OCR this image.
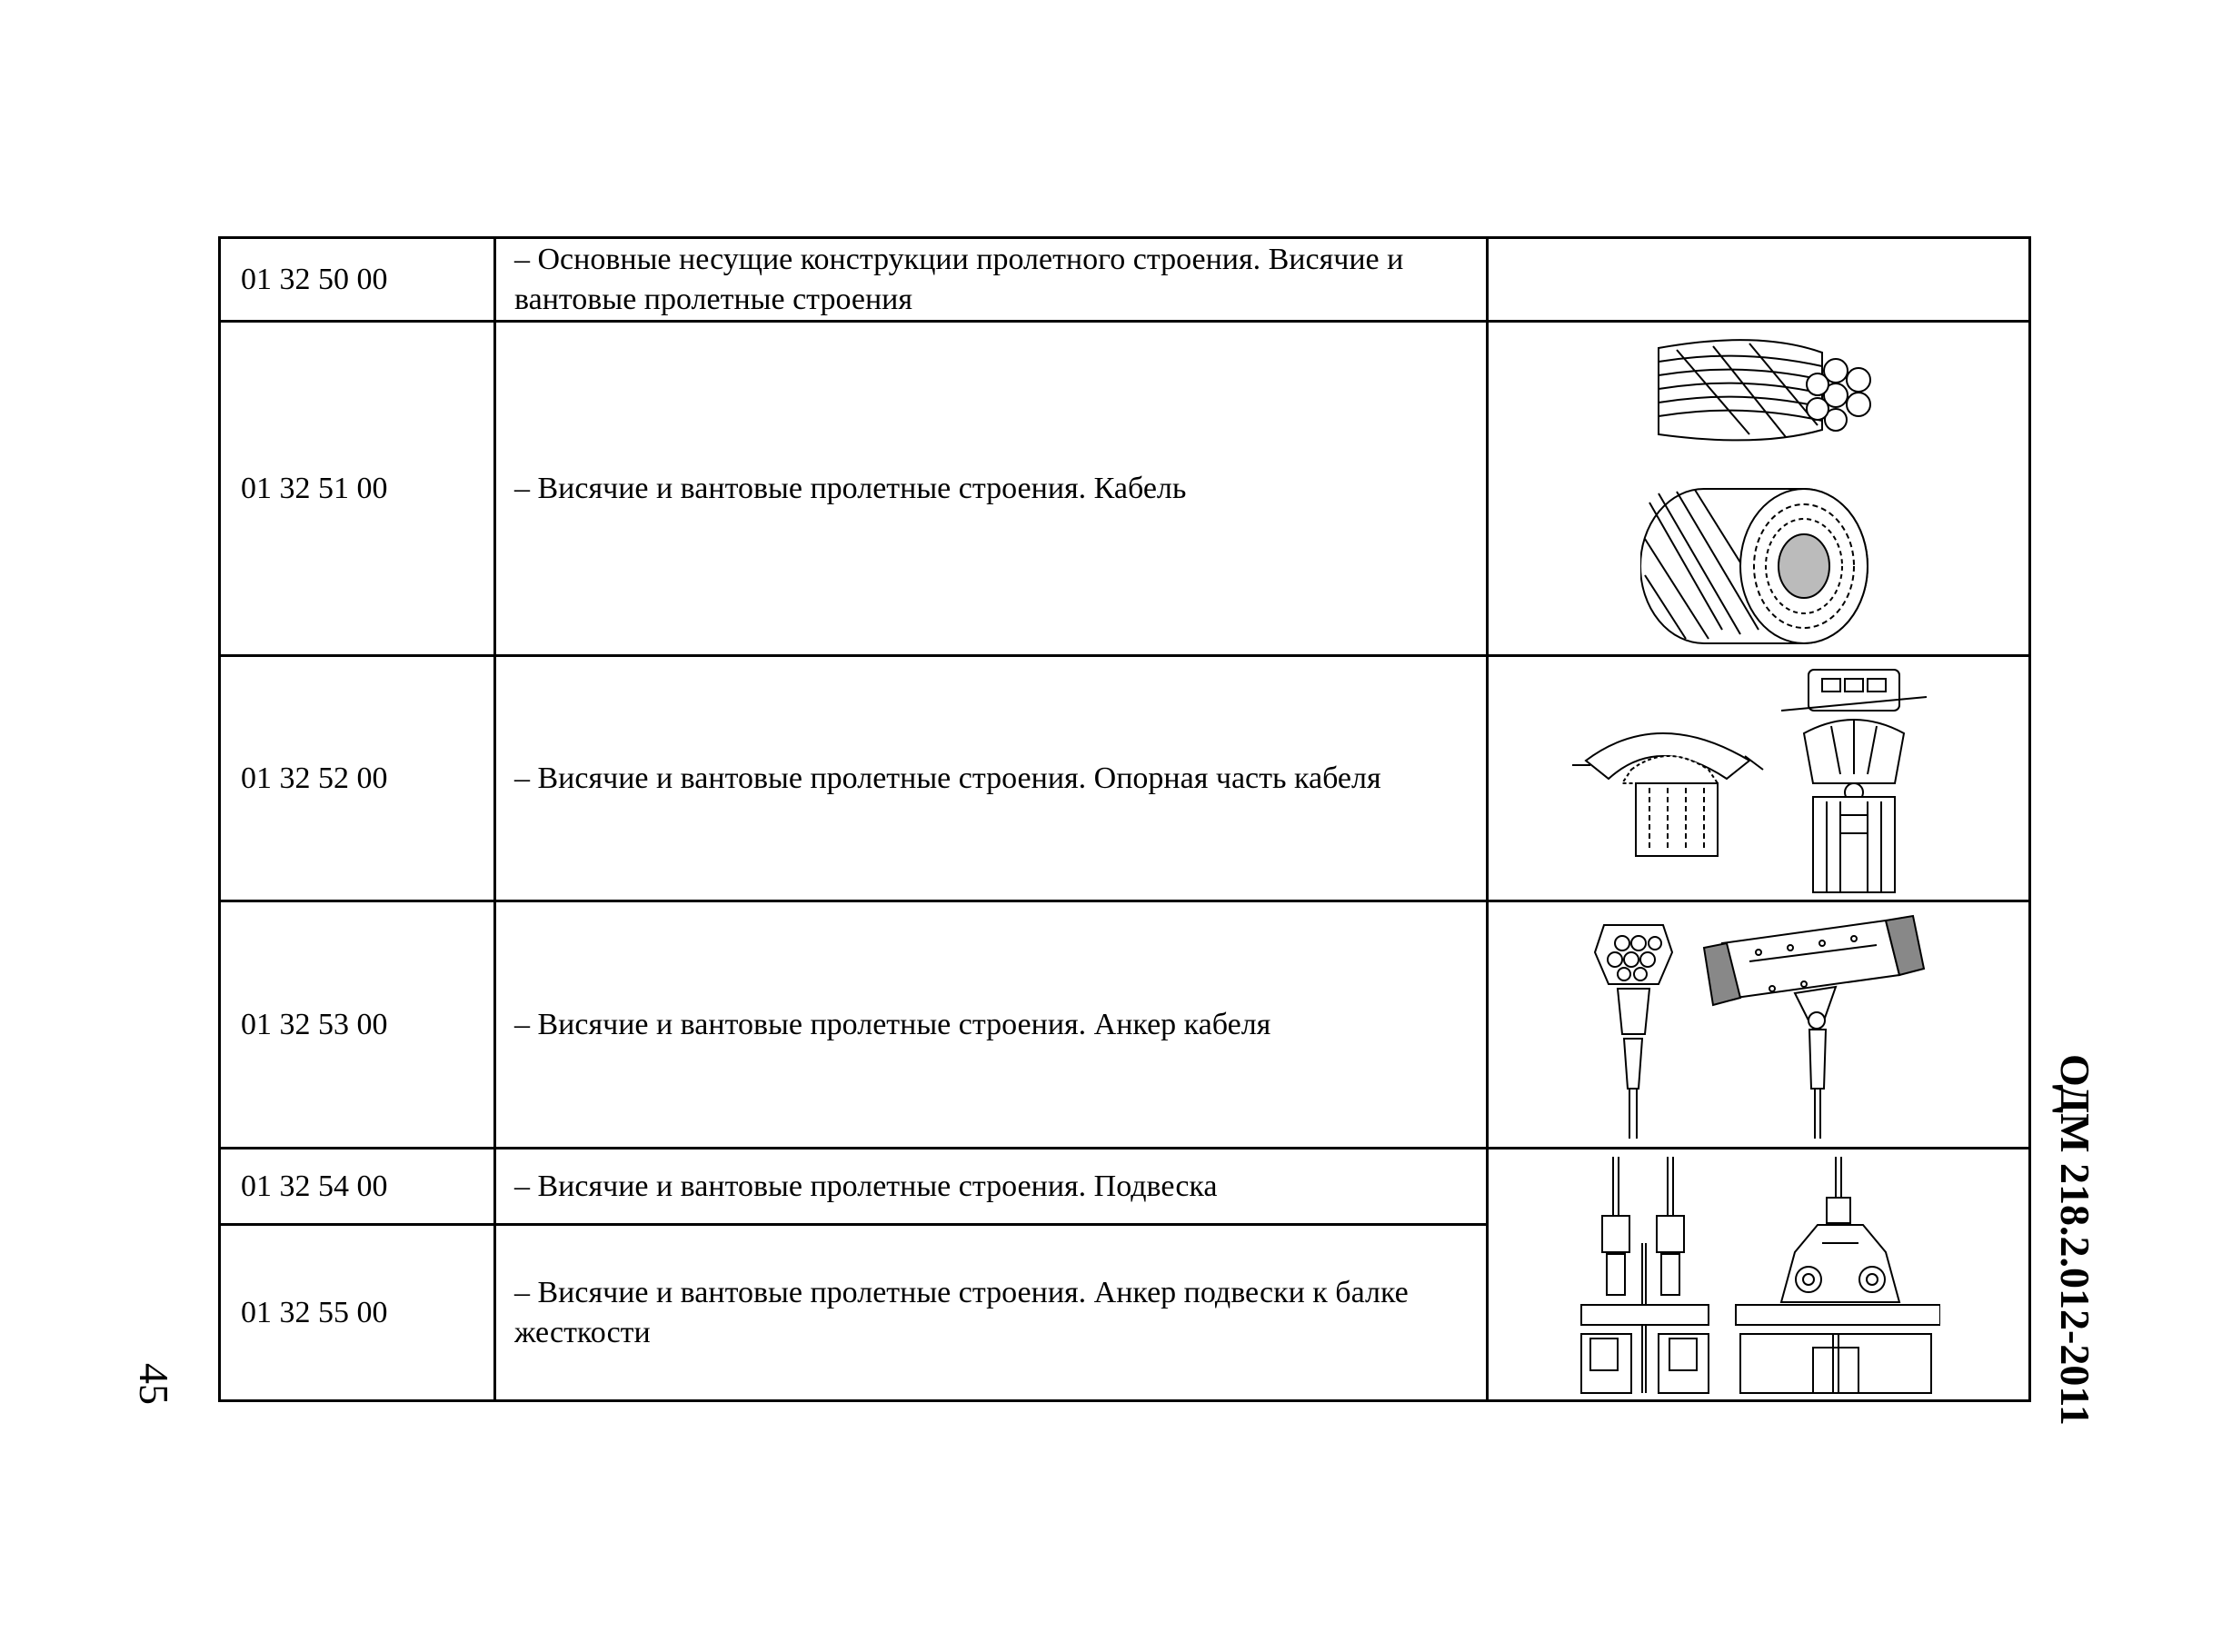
01 32 50 00	– Основные несущие конструкции пролетного строения. Висячие и вантовые пролетные строения	
01 32 51 00	– Висячие и вантовые пролетные строения. Кабель	

01 32 52 00	– Висячие и вантовые пролетные строения. Опорная часть кабеля	

01 32 53 00	– Висячие и вантовые пролетные строения. Анкер кабеля	

01 32 54 00	– Висячие и вантовые пролетные строения. Подвеска	

01 32 55 00	– Висячие и вантовые пролетные строения. Анкер подвески к балке жесткости	
45	ОДМ 218.2.012-2011
